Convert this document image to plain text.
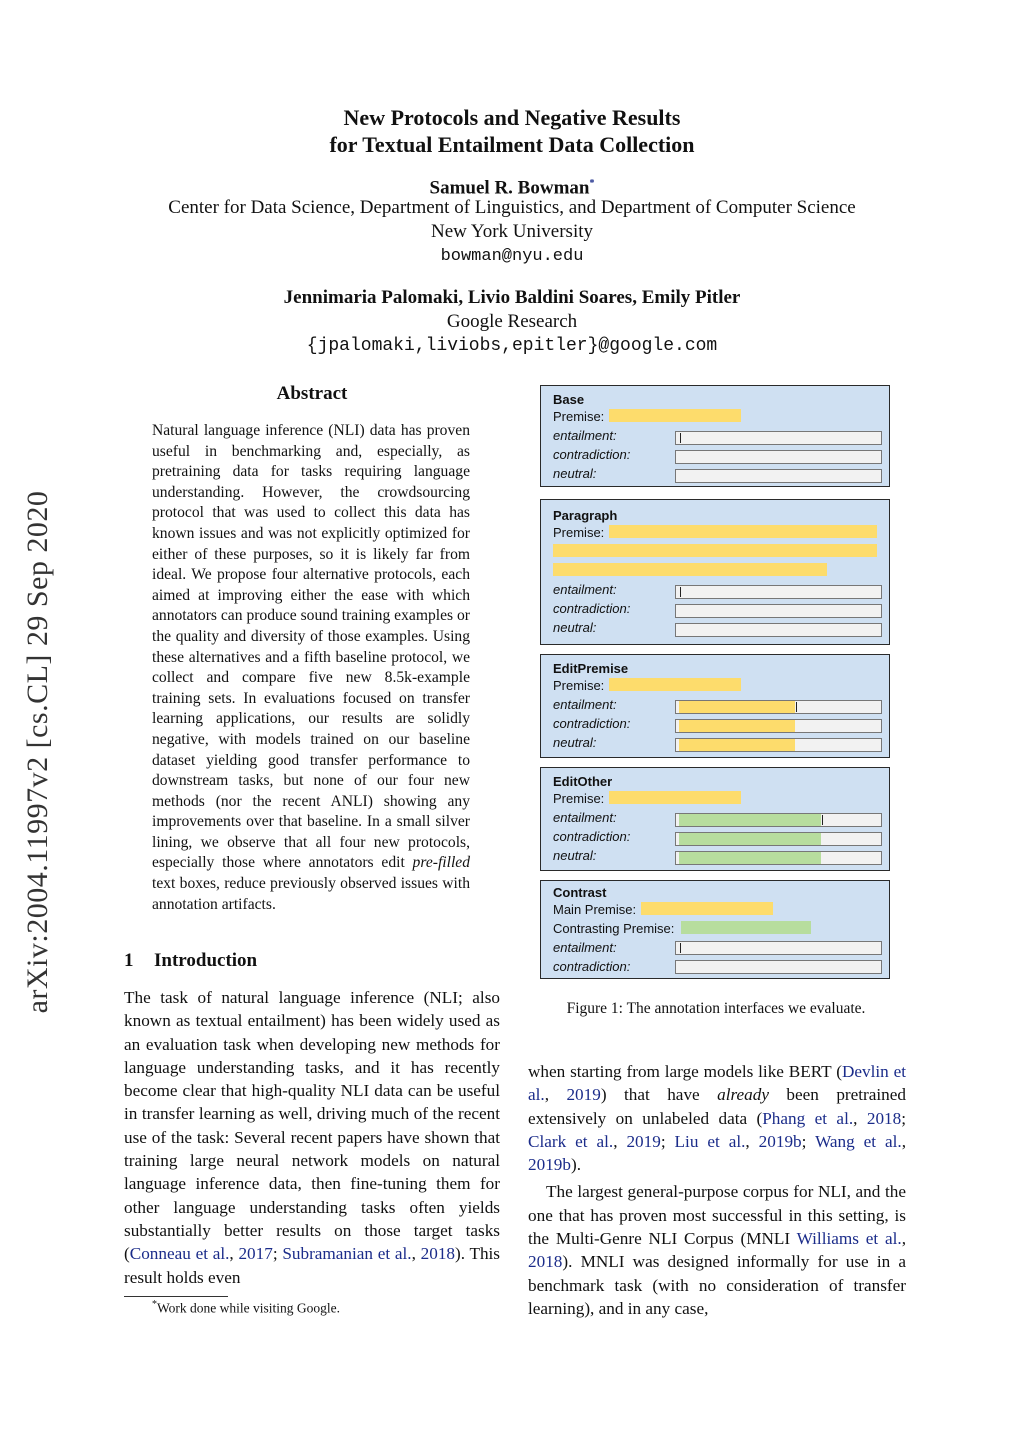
New Protocols and Negative Results
for Textual Entailment Data Collection
Samuel R. Bowman*
Center for Data Science, Department of Linguistics, and Department of Computer Science
New York University
bowman@nyu.edu
Jennimaria Palomaki, Livio Baldini Soares, Emily Pitler
Google Research
{jpalomaki,liviobs,epitler}@google.com
arXiv:2004.11997v2 [cs.CL] 29 Sep 2020
Abstract
Natural language inference (NLI) data has proven useful in benchmarking and, especially, as pretraining data for tasks requiring language understanding. However, the crowdsourcing protocol that was used to collect this data has known issues and was not explicitly optimized for either of these purposes, so it is likely far from ideal. We propose four alternative protocols, each aimed at improving either the ease with which annotators can produce sound training examples or the quality and diversity of those examples. Using these alternatives and a fifth baseline protocol, we collect and compare five new 8.5k-example training sets. In evaluations focused on transfer learning applications, our results are solidly negative, with models trained on our baseline dataset yielding good transfer performance to downstream tasks, but none of our four new methods (nor the recent ANLI) showing any improvements over that baseline. In a small silver lining, we observe that all four new protocols, especially those where annotators edit pre-filled text boxes, reduce previously observed issues with annotation artifacts.
1 Introduction

The task of natural language inference (NLI; also known as textual entailment) has been widely used as an evaluation task when developing new methods for language understanding tasks, and it has recently become clear that high-quality NLI data can be useful in transfer learning as well, driving much of the recent use of the task: Several recent papers have shown that training large neural network models on natural language inference data, then fine-tuning them for other language understanding tasks often yields substantially better results on those target tasks (Conneau et al., 2017; Subramanian et al., 2018). This result holds even

*Work done while visiting Google.
Base
Premise:
entailment:
contradiction:
neutral:
Paragraph
Premise:
entailment:
contradiction:
neutral:
EditPremise
Premise:
entailment:
contradiction:
neutral:
EditOther
Premise:
entailment:
contradiction:
neutral:
Contrast
Main Premise:
Contrasting Premise:
entailment:
contradiction:
Figure 1: The annotation interfaces we evaluate.

when starting from large models like BERT (Devlin et al., 2019) that have already been pretrained extensively on unlabeled data (Phang et al., 2018; Clark et al., 2019; Liu et al., 2019b; Wang et al., 2019b).

The largest general-purpose corpus for NLI, and the one that has proven most successful in this setting, is the Multi-Genre NLI Corpus (MNLI Williams et al., 2018). MNLI was designed informally for use in a benchmark task (with no consideration of transfer learning), and in any case,
